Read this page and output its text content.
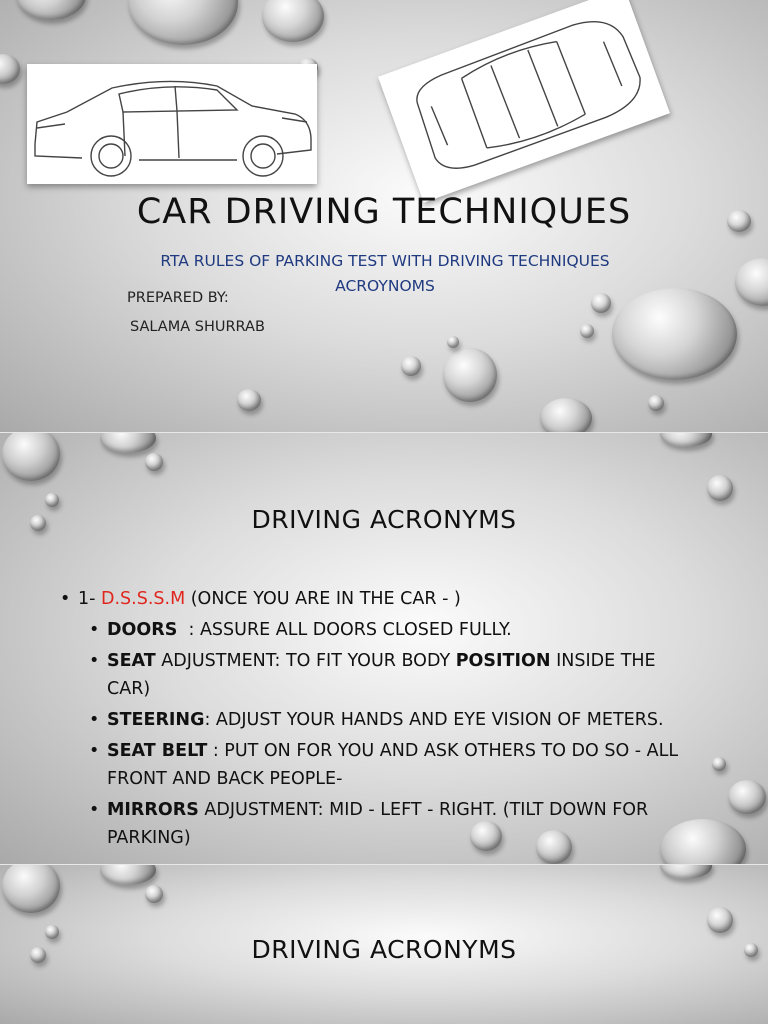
CAR DRIVING TECHNIQUES
RTA RULES OF PARKING TEST WITH DRIVING TECHNIQUES ACROYNOMS
PREPARED BY:
SALAMA SHURRAB
DRIVING ACRONYMS
• 1- D.S.S.S.M (ONCE YOU ARE IN THE CAR - )
• DOORS  : ASSURE ALL DOORS CLOSED FULLY.
• SEAT ADJUSTMENT: TO FIT YOUR BODY POSITION INSIDE THE CAR)
• STEERING: ADJUST YOUR HANDS AND EYE VISION OF METERS.
• SEAT BELT : PUT ON FOR YOU AND ASK OTHERS TO DO SO - ALL FRONT AND BACK PEOPLE-
• MIRRORS ADJUSTMENT: MID - LEFT - RIGHT. (TILT DOWN FOR PARKING)
DRIVING ACRONYMS
